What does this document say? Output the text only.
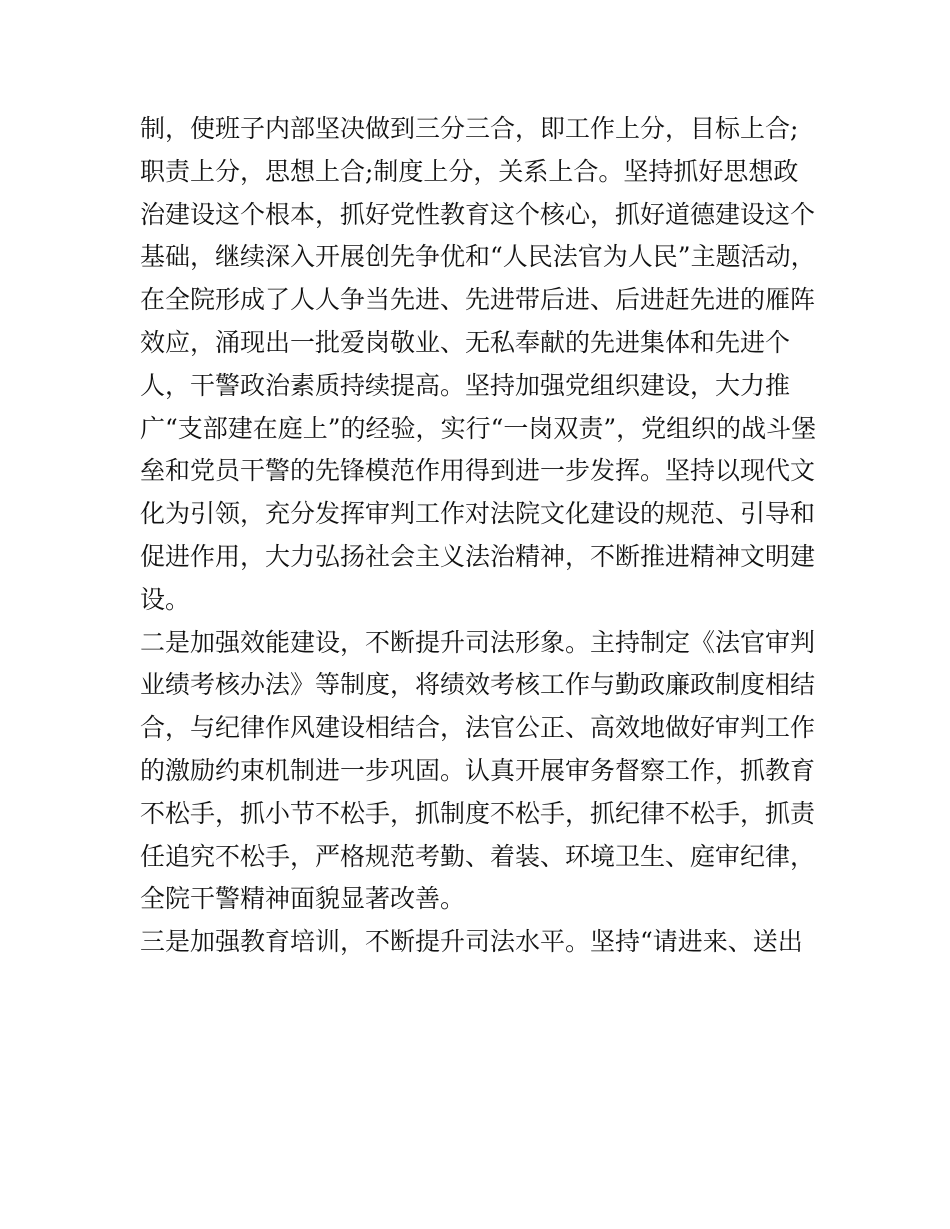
制，使班子内部坚决做到三分三合，即工作上分，目标上合;
职责上分，思想上合;制度上分，关系上合。坚持抓好思想政
治建设这个根本，抓好党性教育这个核心，抓好道德建设这个
基础，继续深入开展创先争优和“人民法官为人民”主题活动，
在全院形成了人人争当先进、先进带后进、后进赶先进的雁阵
效应，涌现出一批爱岗敬业、无私奉献的先进集体和先进个
人，干警政治素质持续提高。坚持加强党组织建设，大力推
广“支部建在庭上”的经验，实行“一岗双责”，党组织的战斗堡
垒和党员干警的先锋模范作用得到进一步发挥。坚持以现代文
化为引领，充分发挥审判工作对法院文化建设的规范、引导和
促进作用，大力弘扬社会主义法治精神，不断推进精神文明建
设。
二是加强效能建设，不断提升司法形象。主持制定《法官审判
业绩考核办法》等制度，将绩效考核工作与勤政廉政制度相结
合，与纪律作风建设相结合，法官公正、高效地做好审判工作
的激励约束机制进一步巩固。认真开展审务督察工作，抓教育
不松手，抓小节不松手，抓制度不松手，抓纪律不松手，抓责
任追究不松手，严格规范考勤、着装、环境卫生、庭审纪律，
全院干警精神面貌显著改善。
三是加强教育培训，不断提升司法水平。坚持“请进来、送出
